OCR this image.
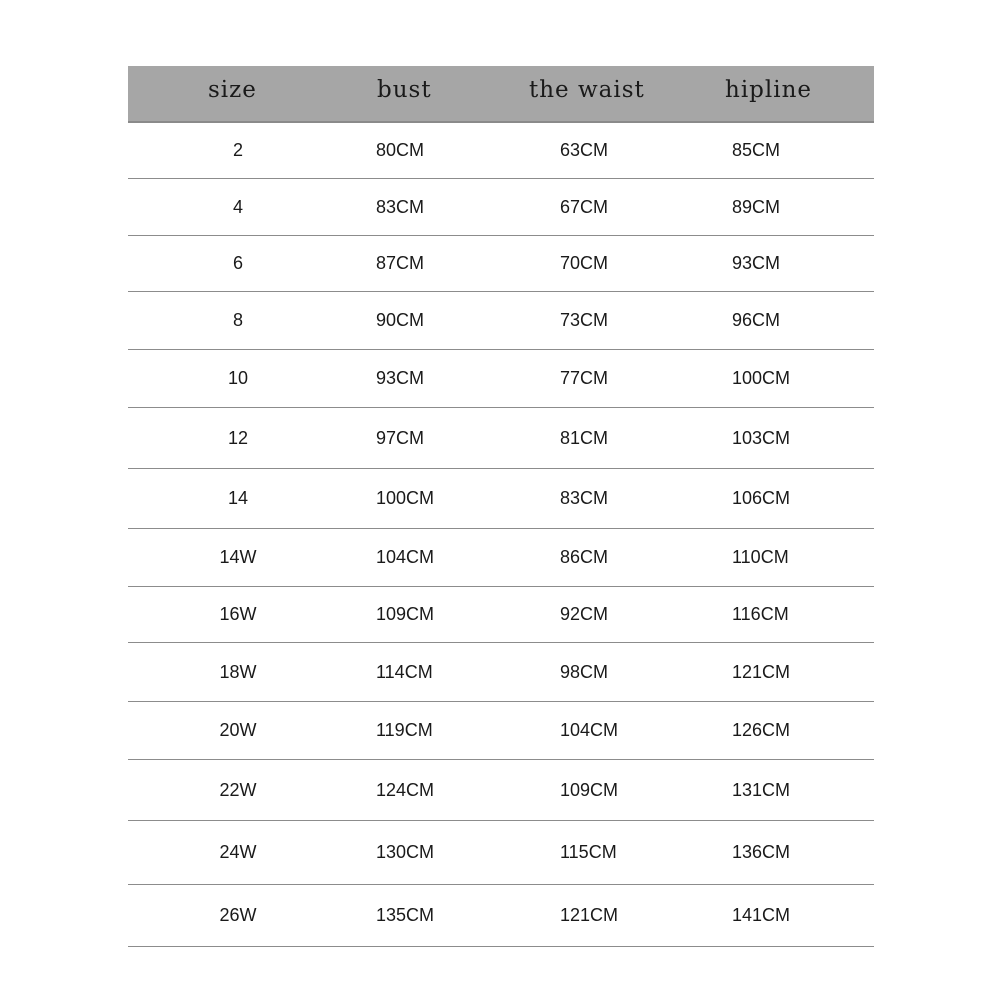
size	bust	the waist	hipline
2	80CM	63CM	85CM
4	83CM	67CM	89CM
6	87CM	70CM	93CM
8	90CM	73CM	96CM
10	93CM	77CM	100CM
12	97CM	81CM	103CM
14	100CM	83CM	106CM
14W	104CM	86CM	110CM
16W	109CM	92CM	116CM
18W	114CM	98CM	121CM
20W	119CM	104CM	126CM
22W	124CM	109CM	131CM
24W	130CM	115CM	136CM
26W	135CM	121CM	141CM
